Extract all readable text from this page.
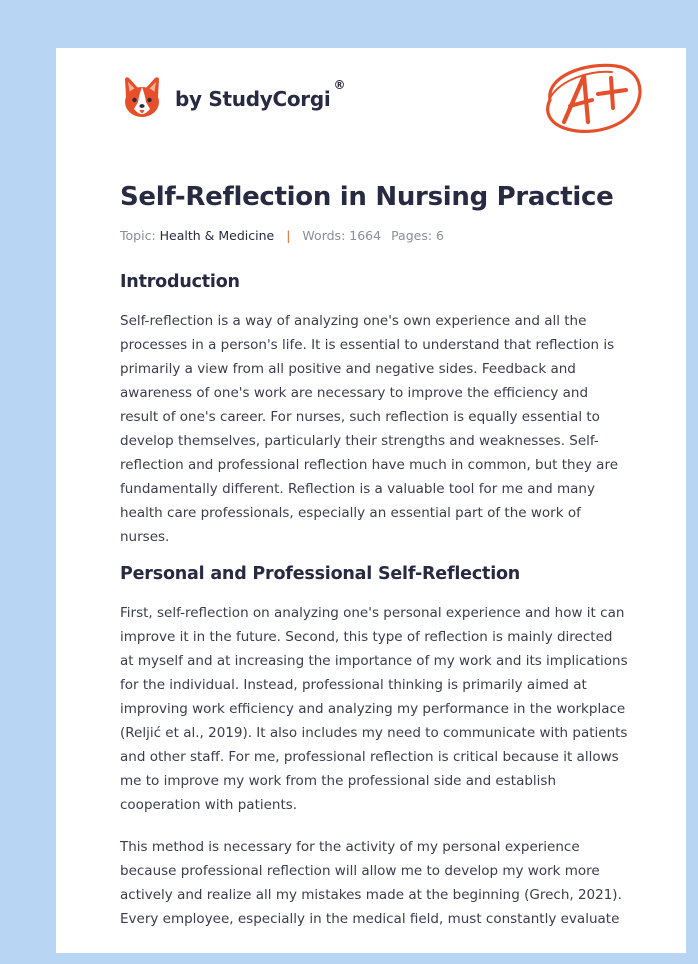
by StudyCorgi®
Self-Reflection in Nursing Practice
Topic: Health & Medicine | Words: 1664 Pages: 6
Introduction

Self-reflection is a way of analyzing one's own experience and all the processes in a person's life. It is essential to understand that reflection is primarily a view from all positive and negative sides. Feedback and awareness of one's work are necessary to improve the efficiency and result of one's career. For nurses, such reflection is equally essential to develop themselves, particularly their strengths and weaknesses. Self-reflection and professional reflection have much in common, but they are fundamentally different. Reflection is a valuable tool for me and many health care professionals, especially an essential part of the work of nurses.

Personal and Professional Self-Reflection

First, self-reflection on analyzing one's personal experience and how it can improve it in the future. Second, this type of reflection is mainly directed at myself and at increasing the importance of my work and its implications for the individual. Instead, professional thinking is primarily aimed at improving work efficiency and analyzing my performance in the workplace (Reljić et al., 2019). It also includes my need to communicate with patients and other staff. For me, professional reflection is critical because it allows me to improve my work from the professional side and establish cooperation with patients.

This method is necessary for the activity of my personal experience because professional reflection will allow me to develop my work more actively and realize all my mistakes made at the beginning (Grech, 2021). Every employee, especially in the medical field, must constantly evaluate
